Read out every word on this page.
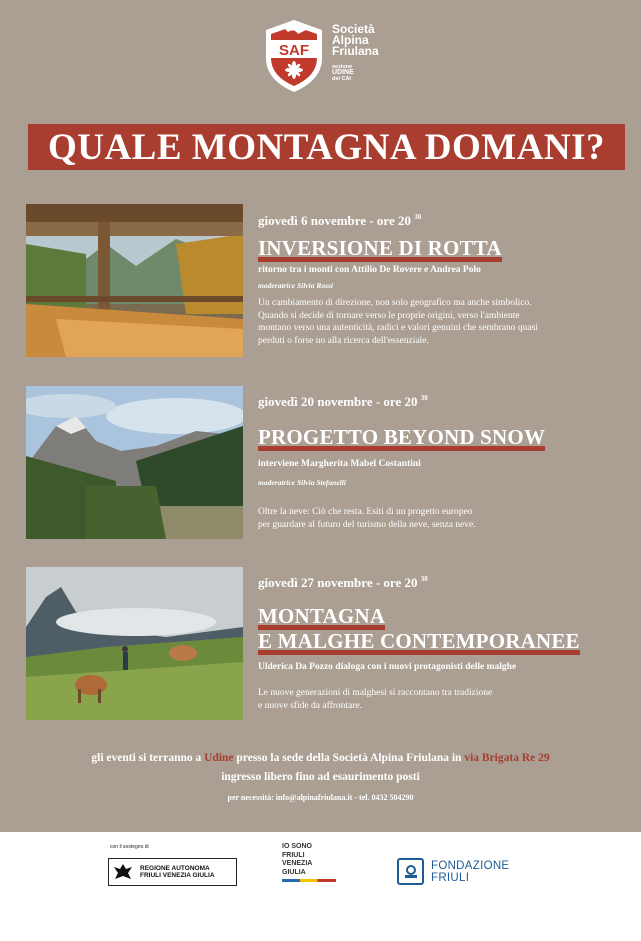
SAF
Società
Alpina
Friulana
sezione
UDINE
del CAI
QUALE MONTAGNA DOMANI?
giovedì 6 novembre - ore 20 $^{30}$
INVERSIONE DI ROTTA
ritorno tra i monti con Attilio De Rovere e Andrea Polo
moderatrice Silvia Rossi
Un cambiamento di direzione, non solo geografico ma anche simbolico.
Quando si decide di tornare verso le proprie origini, verso l'ambiente
montano verso una autenticità, radici e valori genuini che sembrano quasi
perduti o forse no alla ricerca dell'essenziale.
giovedì 20 novembre - ore 20 $^{30}$
PROGETTO BEYOND SNOW
interviene Margherita Mabel Costantini
moderatrice Silvia Stefanelli
Oltre la neve: Ciò che resta. Esiti di un progetto europeo
per guardare al futuro del turismo della neve, senza neve.
giovedì 27 novembre - ore 20 $^{30}$
MONTAGNA
E MALGHE CONTEMPORANEE
Ulderica Da Pozzo dialoga con i nuovi protagonisti delle malghe
Le nuove generazioni di malghesi si raccontano tra tradizione
e nuove sfide da affrontare.
gli eventi si terranno a Udine presso la sede della Società Alpina Friulana in via Brigata Re 29
ingresso libero fino ad esaurimento posti
per necessità: info@alpinafriulana.it - tel. 0432 504290
con il sostegno di
REGIONE AUTONOMA
FRIULI VENEZIA GIULIA
IO SONO
FRIULI
VENEZIA
GIULIA
FONDAZIONE
FRIULI
